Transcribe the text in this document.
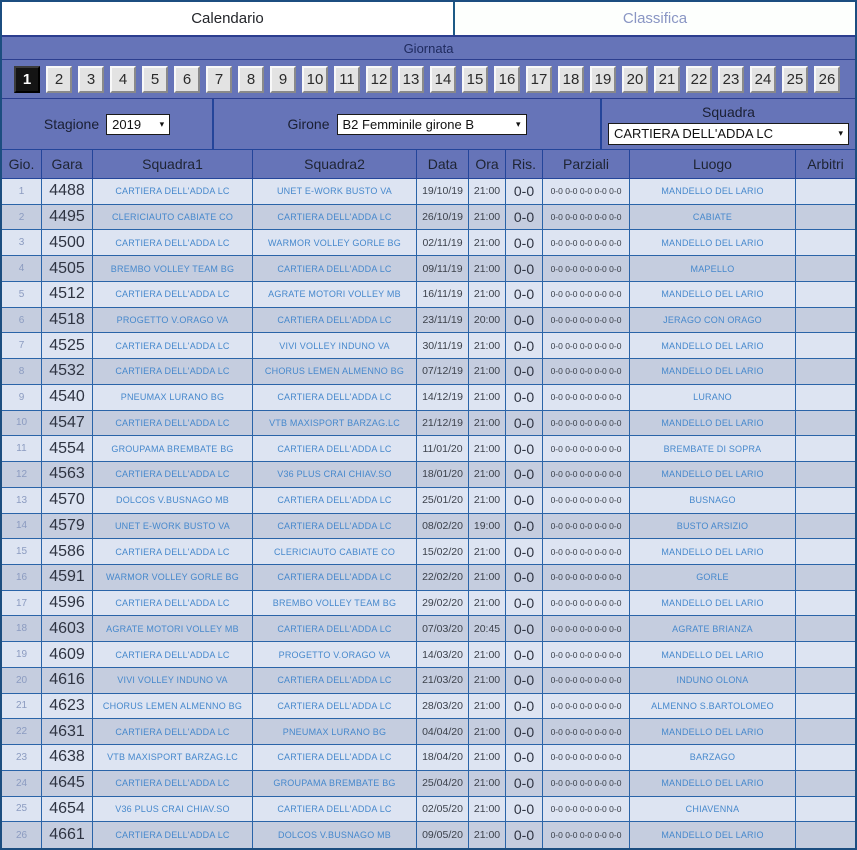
Calendario	Classifica
Giornata
1	2	3	4	5	6	7	8	9	10	11	12	13	14	15	16	17	18	19	20	21	22	23	24	25	26
Stagione 2019 ▾	Girone B2 Femminile girone B	▾
Squadra
CARTIERA DELL'ADDA LC	▾
Gio.	Gara	Squadra1	Squadra2	Data	Ora Ris.	Parziali	Luogo	Arbitri
1	4488	CARTIERA DELL'ADDA LC	UNET E-WORK BUSTO VA	19/10/19	21:00 0-0	0-0 0-0 0-0 0-0 0-0	MANDELLO DEL LARIO
2	4495	CLERICIAUTO CABIATE CO	CARTIERA DELL'ADDA LC	26/10/19	21:00 0-0	0-0 0-0 0-0 0-0 0-0	CABIATE
3	4500	CARTIERA DELL'ADDA LC	WARMOR VOLLEY GORLE BG	02/11/19	21:00 0-0	0-0 0-0 0-0 0-0 0-0	MANDELLO DEL LARIO
4	4505	BREMBO VOLLEY TEAM BG	CARTIERA DELL'ADDA LC	09/11/19	21:00 0-0	0-0 0-0 0-0 0-0 0-0	MAPELLO
5	4512	CARTIERA DELL'ADDA LC	AGRATE MOTORI VOLLEY MB	16/11/19	21:00 0-0	0-0 0-0 0-0 0-0 0-0	MANDELLO DEL LARIO
6	4518	PROGETTO V.ORAGO VA	CARTIERA DELL'ADDA LC	23/11/19	20:00 0-0	0-0 0-0 0-0 0-0 0-0	JERAGO CON ORAGO
7	4525	CARTIERA DELL'ADDA LC	VIVI VOLLEY INDUNO VA	30/11/19	21:00 0-0	0-0 0-0 0-0 0-0 0-0	MANDELLO DEL LARIO
8	4532	CARTIERA DELL'ADDA LC	CHORUS LEMEN ALMENNO BG	07/12/19	21:00 0-0	0-0 0-0 0-0 0-0 0-0	MANDELLO DEL LARIO
9	4540	PNEUMAX LURANO BG	CARTIERA DELL'ADDA LC	14/12/19	21:00 0-0	0-0 0-0 0-0 0-0 0-0	LURANO
10	4547	CARTIERA DELL'ADDA LC	VTB MAXISPORT BARZAG.LC	21/12/19	21:00 0-0	0-0 0-0 0-0 0-0 0-0	MANDELLO DEL LARIO
11	4554	GROUPAMA BREMBATE BG	CARTIERA DELL'ADDA LC	11/01/20	21:00 0-0	0-0 0-0 0-0 0-0 0-0	BREMBATE DI SOPRA
12	4563	CARTIERA DELL'ADDA LC	V36 PLUS CRAI CHIAV.SO	18/01/20	21:00 0-0	0-0 0-0 0-0 0-0 0-0	MANDELLO DEL LARIO
13	4570	DOLCOS V.BUSNAGO MB	CARTIERA DELL'ADDA LC	25/01/20	21:00 0-0	0-0 0-0 0-0 0-0 0-0	BUSNAGO
14	4579	UNET E-WORK BUSTO VA	CARTIERA DELL'ADDA LC	08/02/20	19:00 0-0	0-0 0-0 0-0 0-0 0-0	BUSTO ARSIZIO
15	4586	CARTIERA DELL'ADDA LC	CLERICIAUTO CABIATE CO	15/02/20	21:00 0-0	0-0 0-0 0-0 0-0 0-0	MANDELLO DEL LARIO
16	4591	WARMOR VOLLEY GORLE BG	CARTIERA DELL'ADDA LC	22/02/20	21:00 0-0	0-0 0-0 0-0 0-0 0-0	GORLE
17	4596	CARTIERA DELL'ADDA LC	BREMBO VOLLEY TEAM BG	29/02/20	21:00 0-0	0-0 0-0 0-0 0-0 0-0	MANDELLO DEL LARIO
18	4603	AGRATE MOTORI VOLLEY MB	CARTIERA DELL'ADDA LC	07/03/20	20:45 0-0	0-0 0-0 0-0 0-0 0-0	AGRATE BRIANZA
19	4609	CARTIERA DELL'ADDA LC	PROGETTO V.ORAGO VA	14/03/20	21:00 0-0	0-0 0-0 0-0 0-0 0-0	MANDELLO DEL LARIO
20	4616	VIVI VOLLEY INDUNO VA	CARTIERA DELL'ADDA LC	21/03/20	21:00 0-0	0-0 0-0 0-0 0-0 0-0	INDUNO OLONA
21	4623	CHORUS LEMEN ALMENNO BG	CARTIERA DELL'ADDA LC	28/03/20	21:00 0-0	0-0 0-0 0-0 0-0 0-0	ALMENNO S.BARTOLOMEO
22	4631	CARTIERA DELL'ADDA LC	PNEUMAX LURANO BG	04/04/20	21:00 0-0	0-0 0-0 0-0 0-0 0-0	MANDELLO DEL LARIO
23	4638	VTB MAXISPORT BARZAG.LC	CARTIERA DELL'ADDA LC	18/04/20	21:00 0-0	0-0 0-0 0-0 0-0 0-0	BARZAGO
24	4645	CARTIERA DELL'ADDA LC	GROUPAMA BREMBATE BG	25/04/20	21:00 0-0	0-0 0-0 0-0 0-0 0-0	MANDELLO DEL LARIO
25	4654	V36 PLUS CRAI CHIAV.SO	CARTIERA DELL'ADDA LC	02/05/20	21:00 0-0	0-0 0-0 0-0 0-0 0-0	CHIAVENNA
26	4661	CARTIERA DELL'ADDA LC	DOLCOS V.BUSNAGO MB	09/05/20	21:00 0-0	0-0 0-0 0-0 0-0 0-0	MANDELLO DEL LARIO
